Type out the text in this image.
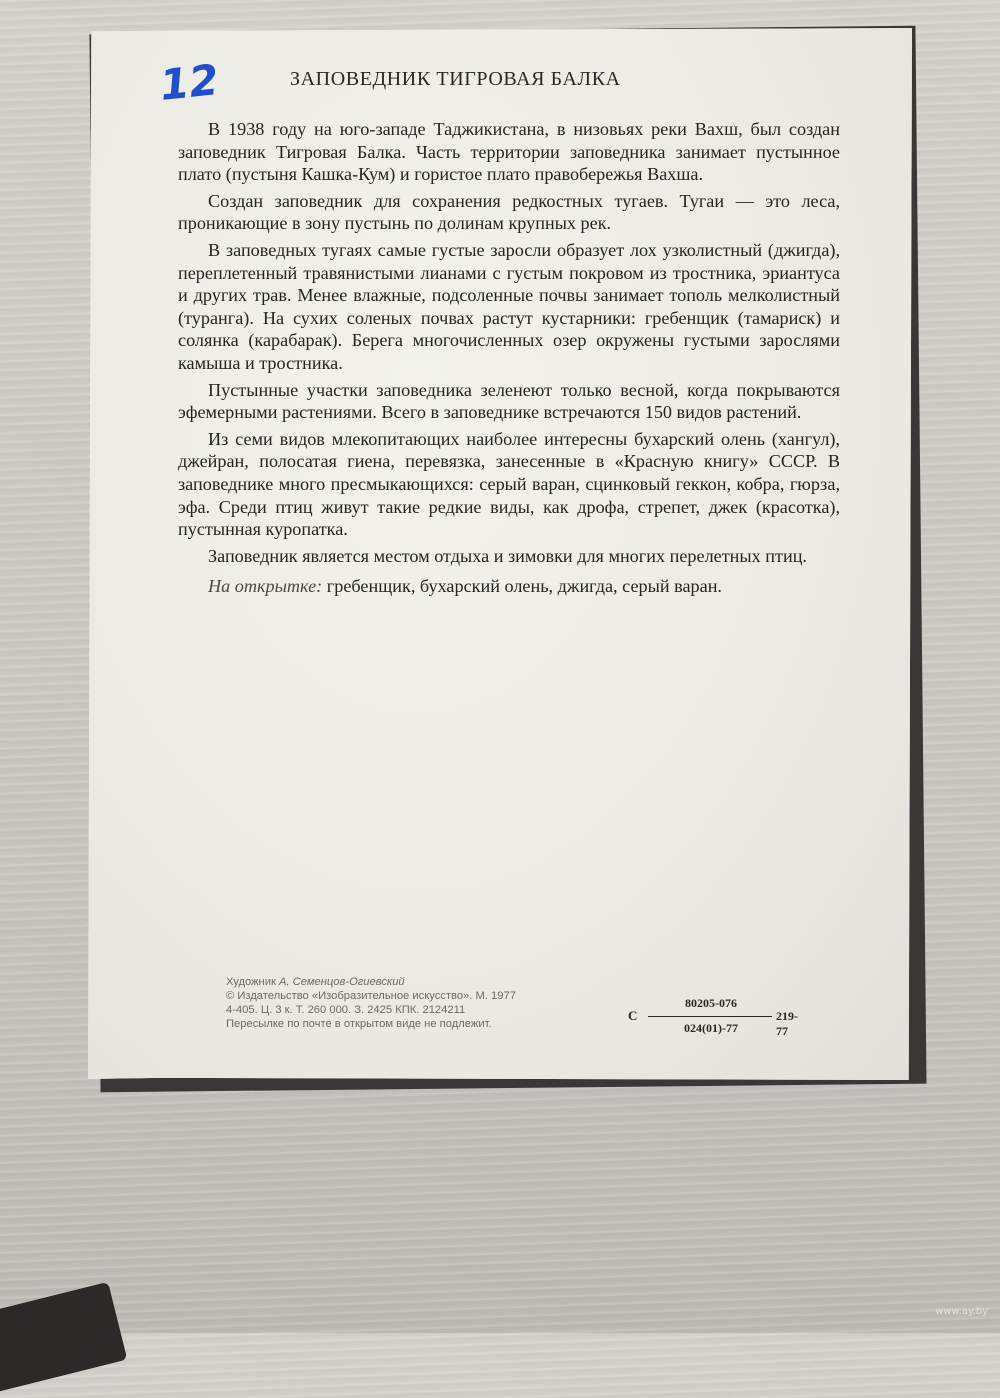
12	ЗАПОВЕДНИК ТИГРОВАЯ БАЛКА

В 1938 году на юго-западе Таджикистана, в низовьях реки Вахш, был создан заповедник Тигровая Балка. Часть территории заповедника занимает пустынное плато (пустыня Кашка-Кум) и гористое плато правобережья Вахша.

Создан заповедник для сохранения редкостных тугаев. Тугаи — это леса, проникающие в зону пустынь по долинам крупных рек.

В заповедных тугаях самые густые заросли образует лох узколистный (джигда), переплетенный травянистыми лианами с густым покровом из тростника, эриантуса и других трав. Менее влажные, подсоленные почвы занимает тополь мелколистный (туранга). На сухих соленых почвах растут кустарники: гребенщик (тамариск) и солянка (карабарак). Берега многочисленных озер окружены густыми зарослями камыша и тростника.

Пустынные участки заповедника зеленеют только весной, когда покрываются эфемерными растениями. Всего в заповеднике встречаются 150 видов растений.

Из семи видов млекопитающих наиболее интересны бухарский олень (хангул), джейран, полосатая гиена, перевязка, занесенные в «Красную книгу» СССР. В заповеднике много пресмыкающихся: серый варан, сцинковый геккон, кобра, гюрза, эфа. Среди птиц живут такие редкие виды, как дрофа, стрепет, джек (красотка), пустынная куропатка.

Заповедник является местом отдыха и зимовки для многих перелетных птиц.

На открытке: гребенщик, бухарский олень, джигда, серый варан.

Художник А. Семенцов-Огиевский
© Издательство «Изобразительное искусство». М. 1977
4-405. Ц. 3 к. Т. 260 000. З. 2425 КПК. 2124211
Пересылке по почте в открытом виде не подлежит.
С
80205-076
024(01)-77
219-77
www.ay.by
